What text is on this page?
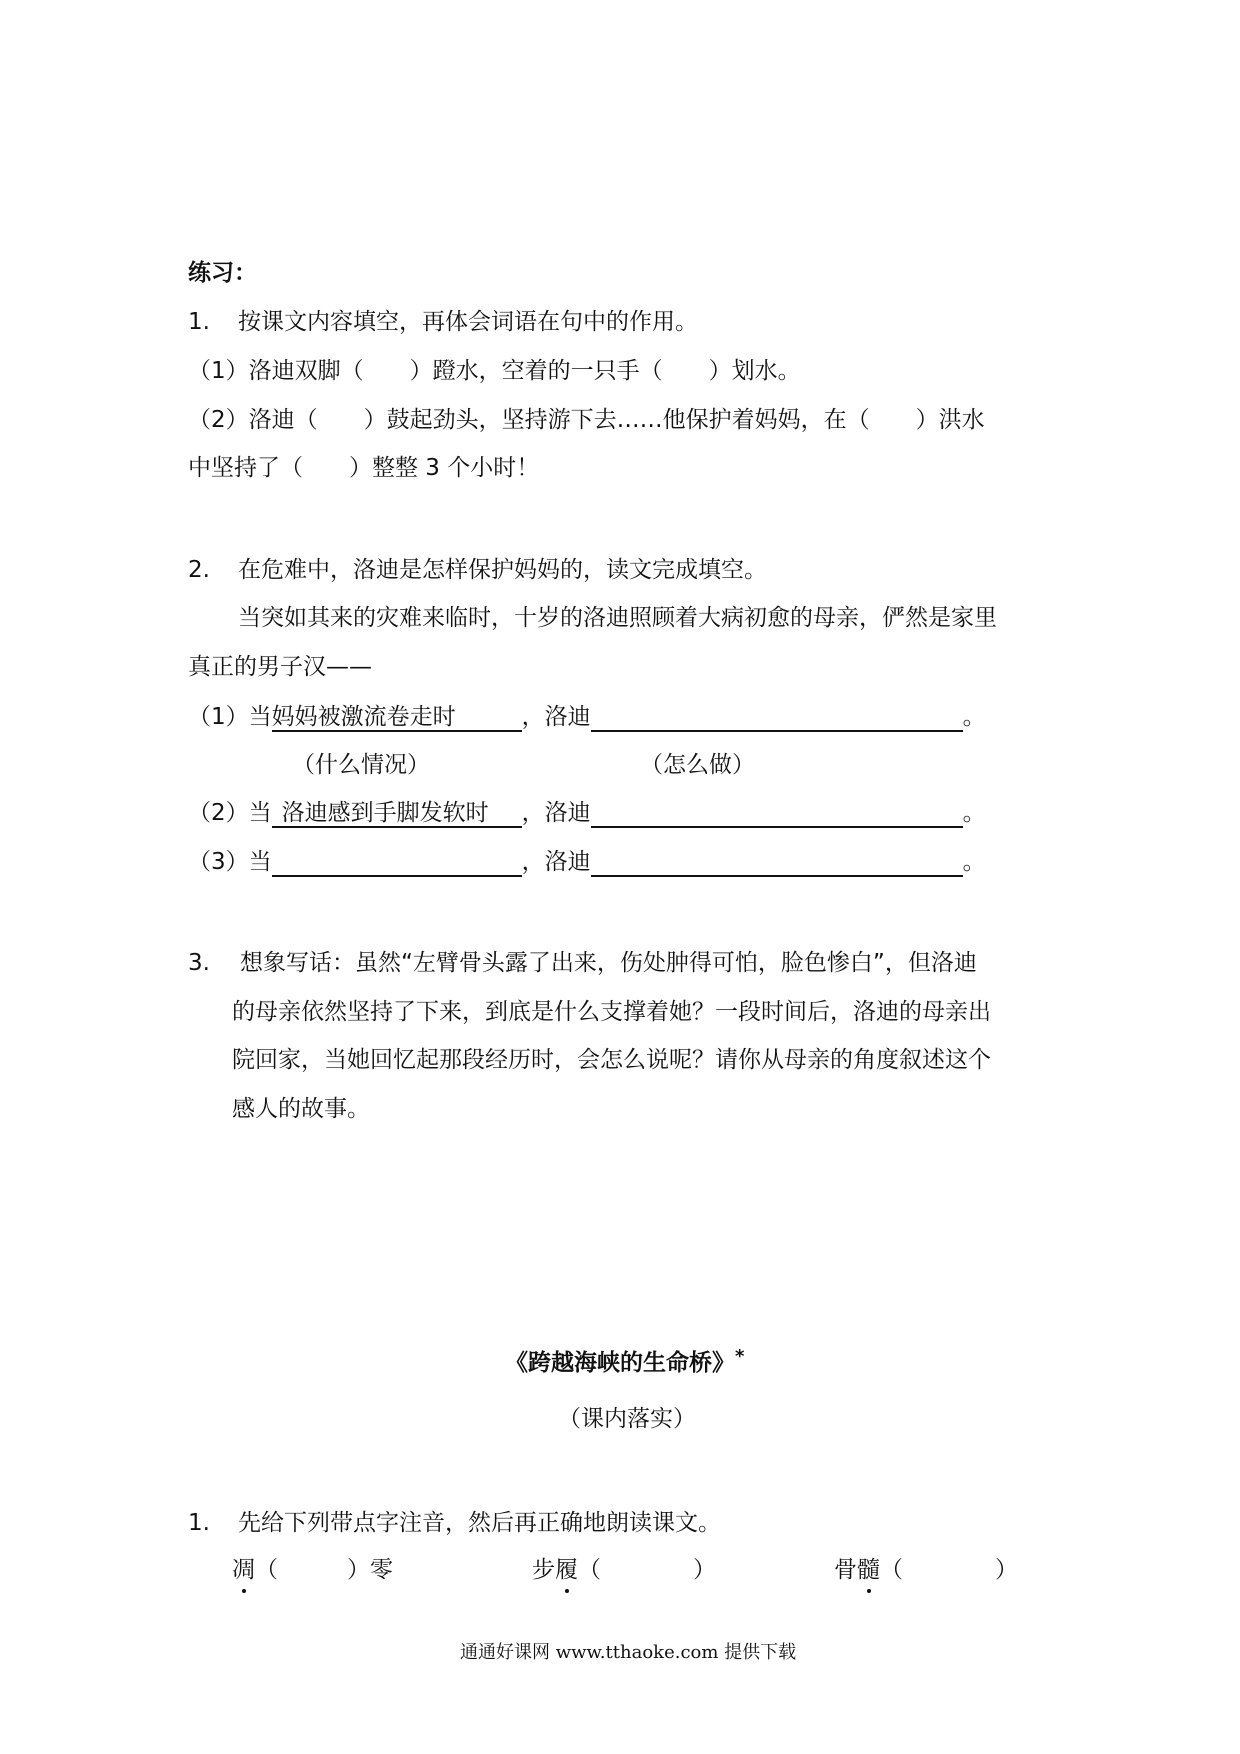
练习：
1. 按课文内容填空，再体会词语在句中的作用。
（1）洛迪双脚（　　）蹬水，空着的一只手（　　）划水。
（2）洛迪（　　）鼓起劲头，坚持游下去……他保护着妈妈，在（　　）洪水
中坚持了（　　）整整 3 个小时！
2. 在危难中，洛迪是怎样保护妈妈的，读文完成填空。
当突如其来的灾难来临时，十岁的洛迪照顾着大病初愈的母亲，俨然是家里
真正的男子汉——
（1）当妈妈被激流卷走时	，洛迪	。
（什么情况）	（怎么做）
（2）当 洛迪感到手脚发软时 ，洛迪	。
（3）当	，洛迪	。
3. 想象写话：虽然“左臂骨头露了出来，伤处肿得可怕，脸色惨白”，但洛迪
的母亲依然坚持了下来，到底是什么支撑着她？一段时间后，洛迪的母亲出
院回家，当她回忆起那段经历时，会怎么说呢？请你从母亲的角度叙述这个
感人的故事。
《跨越海峡的生命桥》*
（课内落实）
1. 先给下列带点字注音，然后再正确地朗读课文。
凋（　　　）零	步履（　　　　）	骨髓（　　　　）
通通好课网 www.tthaoke.com 提供下载
